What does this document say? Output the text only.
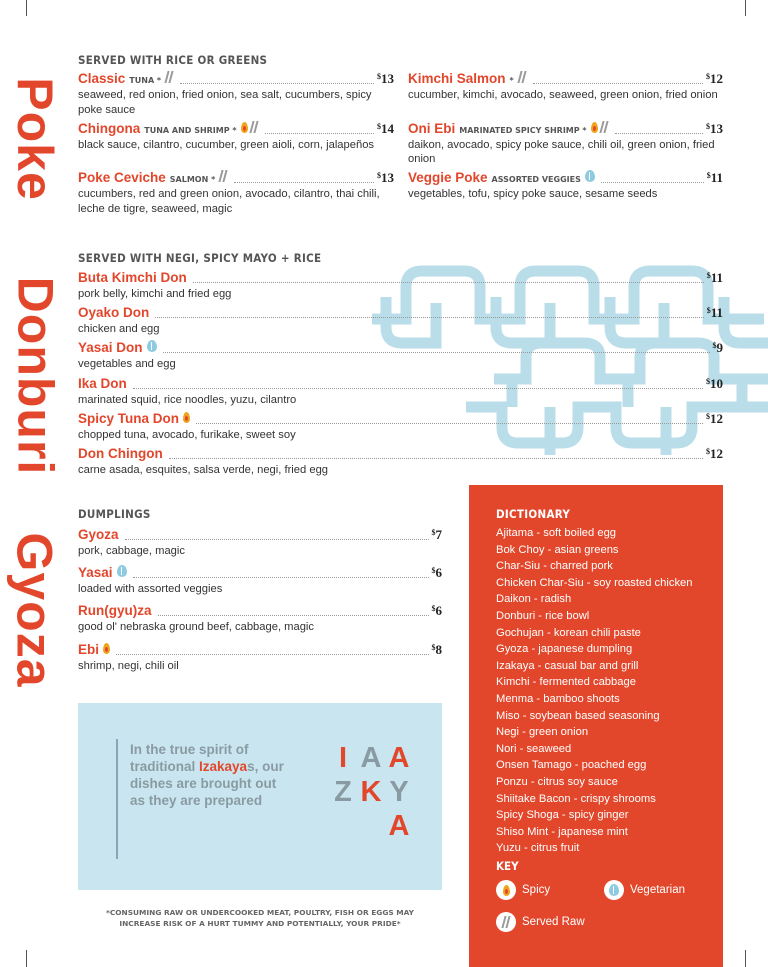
Poke
Donburi
Gyoza
SERVED WITH RICE OR GREENS
Classic TUNA *	$13
seaweed, red onion, fried onion, sea salt, cucumbers, spicy poke sauce
Chingona TUNA AND SHRIMP *	$14
black sauce, cilantro, cucumber, green aioli, corn, jalapeños
Poke Ceviche SALMON *	$13
cucumbers, red and green onion, avocado, cilantro, thai chili, leche de tigre, seaweed, magic
Kimchi Salmon *	$12
cucumber, kimchi, avocado, seaweed, green onion, fried onion
Oni Ebi MARINATED SPICY SHRIMP *	$13
daikon, avocado, spicy poke sauce, chili oil, green onion, fried onion
Veggie Poke ASSORTED VEGGIES	$11
vegetables, tofu, spicy poke sauce, sesame seeds
SERVED WITH NEGI, SPICY MAYO + RICE
Buta Kimchi Don	$11
pork belly, kimchi and fried egg
Oyako Don	$11
chicken and egg
Yasai Don	$9
vegetables and egg
Ika Don	$10
marinated squid, rice noodles, yuzu, cilantro
Spicy Tuna Don	$12
chopped tuna, avocado, furikake, sweet soy
Don Chingon	$12
carne asada, esquites, salsa verde, negi, fried egg
DUMPLINGS
Gyoza	$7
pork, cabbage, magic
Yasai	$6
loaded with assorted veggies
Run(gyu)za	$6
good ol' nebraska ground beef, cabbage, magic
Ebi	$8
shrimp, negi, chili oil

In the true spirit of traditional Izakayas, our dishes are brought out as they are prepared

I A A
Z K Y
A
*CONSUMING RAW OR UNDERCOOKED MEAT, POULTRY, FISH OR EGGS MAY INCREASE RISK OF A HURT TUMMY AND POTENTIALLY, YOUR PRIDE*
DICTIONARY
Ajitama - soft boiled egg
Bok Choy - asian greens
Char-Siu - charred pork
Chicken Char-Siu - soy roasted chicken
Daikon - radish
Donburi - rice bowl
Gochujan - korean chili paste
Gyoza - japanese dumpling
Izakaya - casual bar and grill
Kimchi - fermented cabbage
Menma - bamboo shoots
Miso - soybean based seasoning
Negi - green onion
Nori - seaweed
Onsen Tamago - poached egg
Ponzu - citrus soy sauce
Shiitake Bacon - crispy shrooms
Spicy Shoga - spicy ginger
Shiso Mint - japanese mint
Yuzu - citrus fruit
KEY
Spicy	Vegetarian
Served Raw
